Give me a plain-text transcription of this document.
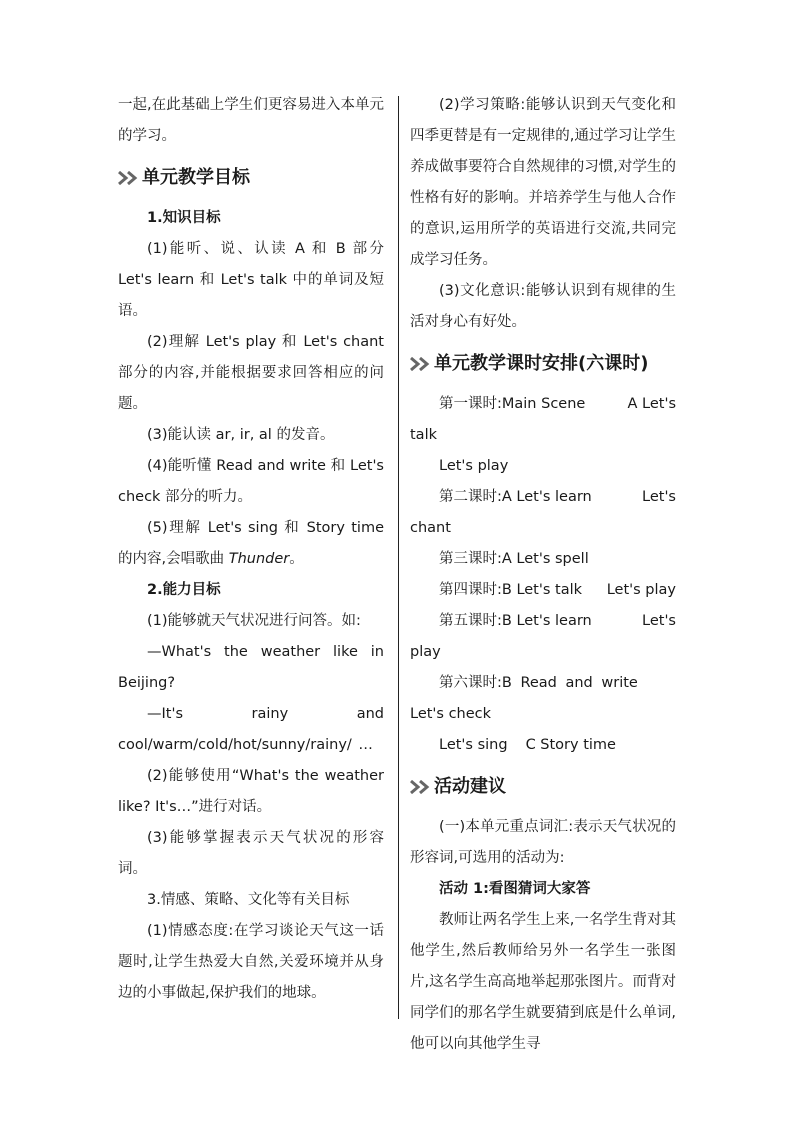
一起,在此基础上学生们更容易进入本单元的学习。

单元教学目标

1.知识目标

(1)能听、说、认读 A 和 B 部分 Let's learn 和 Let's talk 中的单词及短语。

(2)理解 Let's play 和 Let's chant 部分的内容,并能根据要求回答相应的问题。

(3)能认读 ar, ir, al 的发音。

(4)能听懂 Read and write 和 Let's check 部分的听力。

(5)理解 Let's sing 和 Story time 的内容,会唱歌曲 Thunder。

2.能力目标

(1)能够就天气状况进行问答。如:

—What's the weather like in Beijing?

—It's rainy and cool/warm/cold/hot/sunny/rainy/ …

(2)能够使用“What's the weather like? It's…”进行对话。

(3)能够掌握表示天气状况的形容词。

3.情感、策略、文化等有关目标

(1)情感态度:在学习谈论天气这一话题时,让学生热爱大自然,关爱环境并从身边的小事做起,保护我们的地球。

(2)学习策略:能够认识到天气变化和四季更替是有一定规律的,通过学习让学生养成做事要符合自然规律的习惯,对学生的性格有好的影响。并培养学生与他人合作的意识,运用所学的英语进行交流,共同完成学习任务。

(3)文化意识:能够认识到有规律的生活对身心有好处。

单元教学课时安排(六课时)
第一课时:Main Scene	A Let's

talk

Let's play

第二课时:A Let's learn	Let's

chant

第三课时:A Let's spell

第四课时:B Let's talk Let's play
第五课时:B Let's learn	Let's

play

第六课时:B Read and write

Let's check

Let's sing C Story time

活动建议

(一)本单元重点词汇:表示天气状况的形容词,可选用的活动为:

活动 1:看图猜词大家答

教师让两名学生上来,一名学生背对其他学生,然后教师给另外一名学生一张图片,这名学生高高地举起那张图片。而背对同学们的那名学生就要猜到底是什么单词,他可以向其他学生寻
